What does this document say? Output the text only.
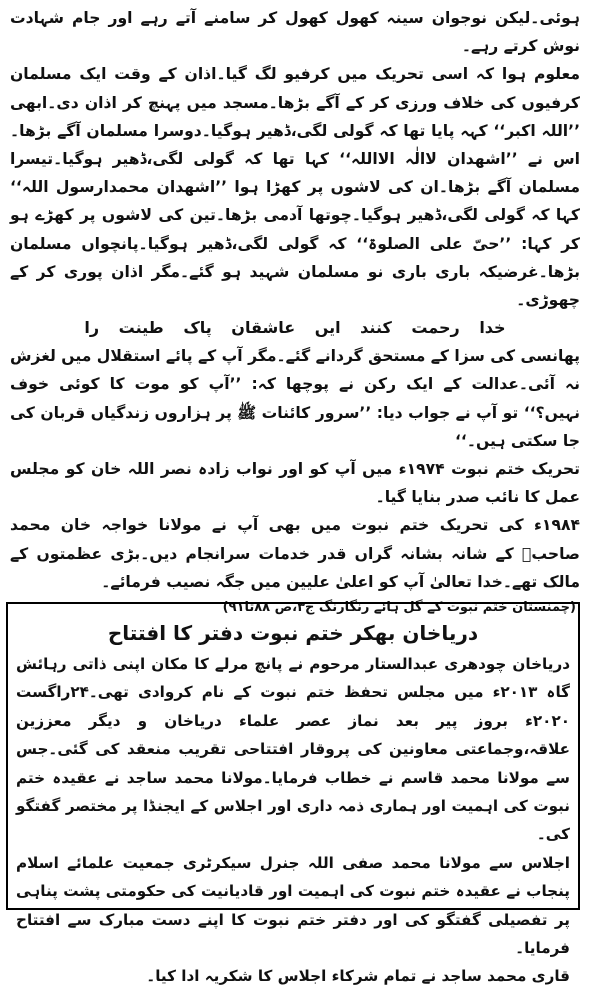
ہوئی۔لیکن نوجوان سینہ کھول کھول کر سامنے آتے رہے اور جام شہادت نوش کرتے رہے۔

معلوم ہوا کہ اسی تحریک میں کرفیو لگ گیا۔اذان کے وقت ایک مسلمان کرفیوں کی خلاف ورزی کر کے آگے بڑھا۔مسجد میں پہنچ کر اذان دی۔ابھی ’’اللہ اکبر‘‘ کہہ پایا تھا کہ گولی لگی،ڈھیر ہوگیا۔دوسرا مسلمان آگے بڑھا۔اس نے ’’اشھدان لاالٰہ الااللہ‘‘ کہا تھا کہ گولی لگی،ڈھیر ہوگیا۔تیسرا مسلمان آگے بڑھا۔ان کی لاشوں پر کھڑا ہوا ’’اشھدان محمدارسول اللہ‘‘ کہا کہ گولی لگی،ڈھیر ہوگیا۔چوتھا آدمی بڑھا۔تین کی لاشوں پر کھڑے ہو کر کہا: ’’حیّ علی الصلوۃ‘‘ کہ گولی لگی،ڈھیر ہوگیا۔پانچواں مسلمان بڑھا۔غرضیکہ باری باری نو مسلمان شہید ہو گئے۔مگر اذان پوری کر کے چھوڑی۔

خدا رحمت کنند ایں عاشقان پاک طینت را

پھانسی کی سزا کے مستحق گردانے گئے۔مگر آپ کے پائے استقلال میں لغزش نہ آئی۔عدالت کے ایک رکن نے پوچھا کہ: ’’آپ کو موت کا کوئی خوف نہیں؟‘‘ تو آپ نے جواب دیا: ’’سرور کائنات ﷺ پر ہزاروں زندگیاں قربان کی جا سکتی ہیں۔‘‘

تحریک ختم نبوت ۱۹۷۴ء میں آپ کو اور نواب زادہ نصر اللہ خان کو مجلس عمل کا نائب صدر بنایا گیا۔

۱۹۸۴ء کی تحریک ختم نبوت میں بھی آپ نے مولانا خواجہ خان محمد صاحبؒ کے شانہ بشانہ گراں قدر خدمات سرانجام دیں۔بڑی عظمتوں کے مالک تھے۔خدا تعالیٰ آپ کو اعلیٰ علیین میں جگہ نصیب فرمائے۔

(چمنستان ختم نبوت کے گل ہائے رنگارنگ ج۳،ص ۸۸تا۹۱)

دریاخان بھکر ختم نبوت دفتر کا افتتاح
دریاخان چودھری عبدالستار مرحوم نے پانچ مرلے کا مکان اپنی ذاتی رہائش گاہ ۲۰۱۳ء میں مجلس تحفظ ختم نبوت کے نام کروادی تھی۔۲۴راگست ۲۰۲۰ء بروز پیر بعد نماز عصر علماء دریاخان و دیگر معززین علاقہ،وجماعتی معاونین کی پروقار افتتاحی تقریب منعقد کی گئی۔جس سے مولانا محمد قاسم نے خطاب فرمایا۔مولانا محمد ساجد نے عقیدہ ختم نبوت کی اہمیت اور ہماری ذمہ داری اور اجلاس کے ایجنڈا پر مختصر گفتگو کی۔
اجلاس سے مولانا محمد صفی اللہ جنرل سیکرٹری جمعیت علمائے اسلام پنجاب نے عقیدہ ختم نبوت کی اہمیت اور قادیانیت کی حکومتی پشت پناہی پر تفصیلی گفتگو کی اور دفتر ختم نبوت کا اپنے دست مبارک سے افتتاح فرمایا۔
قاری محمد ساجد نے تمام شرکاء اجلاس کا شکریہ ادا کیا۔
